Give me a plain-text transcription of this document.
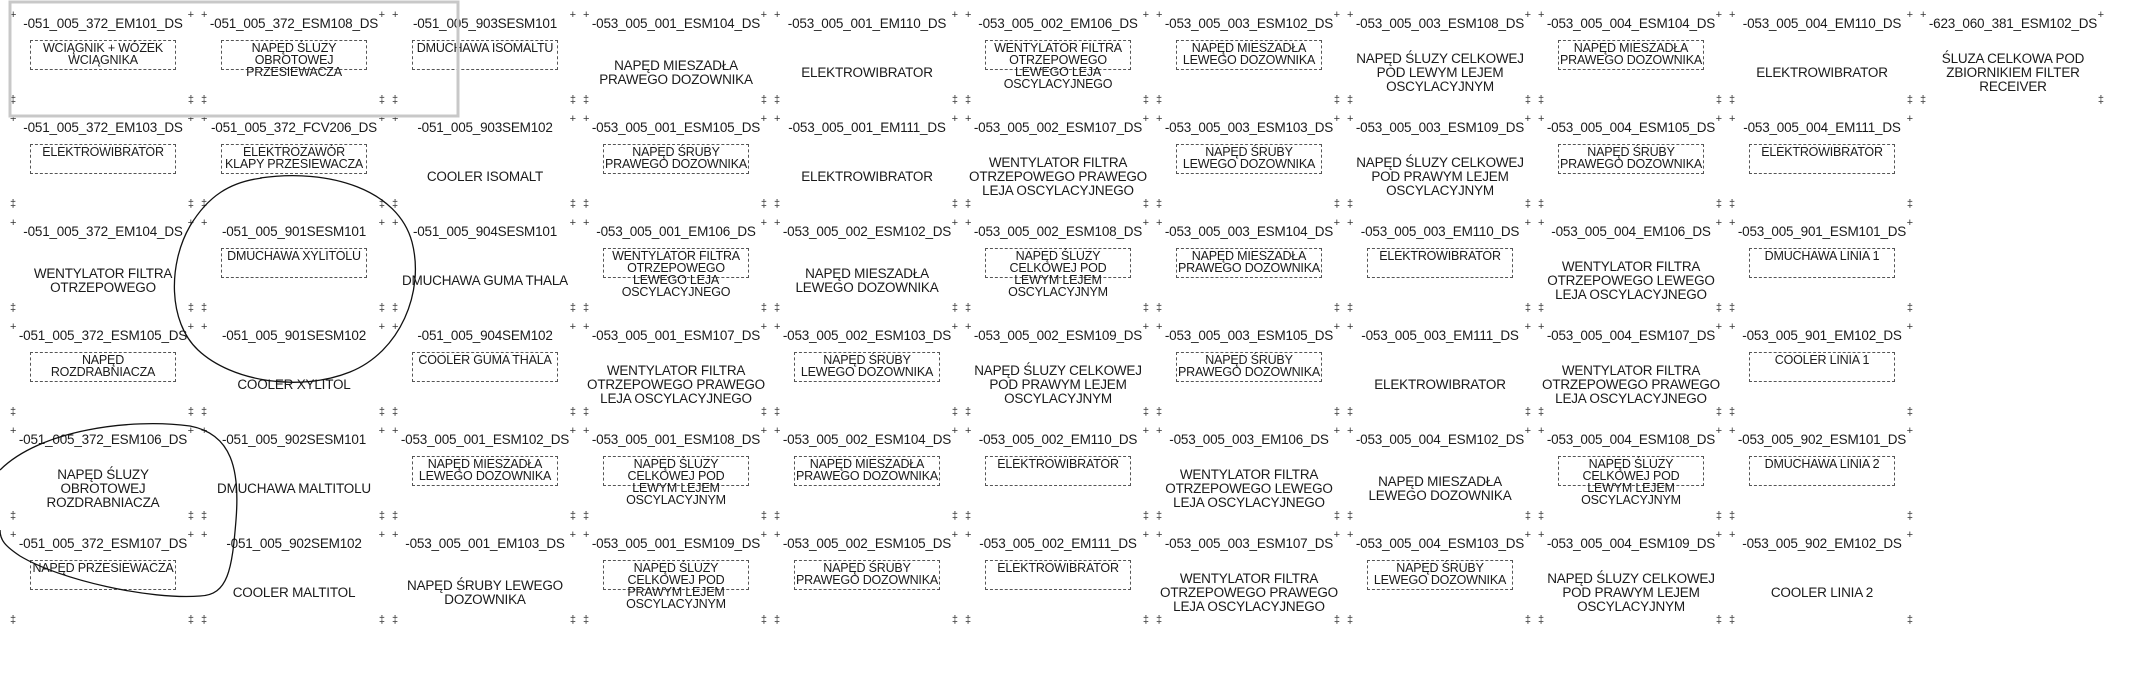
-051_005_372_EM101_DS
WCIĄGNIK + WÓZEK WCIĄGNIKA
+	+
‡	‡
-051_005_372_EM103_DS
ELEKTROWIBRATOR
+	+
‡	‡
-051_005_372_EM104_DS
WENTYLATOR FILTRA OTRZEPOWEGO
+	+
‡	‡
-051_005_372_ESM105_DS
NAPĘD ROZDRABNIACZA
+	+
‡	‡
-051_005_372_ESM106_DS
NAPĘD ŚLUZY OBROTOWEJ ROZDRABNIACZA
+	+
‡	‡
-051_005_372_ESM107_DS
NAPĘD PRZESIEWACZA
+	+
‡	‡
-051_005_372_ESM108_DS
NAPĘD ŚLUZY OBROTOWEJ PRZESIEWACZA
+	+
‡	‡
-051_005_372_FCV206_DS
ELEKTROZAWÓR KLAPY PRZESIEWACZA
+	+
‡	‡
-051_005_901SESM101
DMUCHAWA XYLITOLU
+	+
‡	‡
-051_005_901SESM102
COOLER XYLITOL
+	+
‡	‡
-051_005_902SESM101
DMUCHAWA MALTITOLU
+	+
‡	‡
-051_005_902SEM102
COOLER MALTITOL
+	+
‡	‡
-051_005_903SESM101
DMUCHAWA ISOMALTU
+	+
‡	‡
-051_005_903SEM102
COOLER ISOMALT
+	+
‡	‡
-051_005_904SESM101
DMUCHAWA GUMA THALA
+	+
‡	‡
-051_005_904SEM102
COOLER GUMA THALA
+	+
‡	‡
-053_005_001_ESM102_DS
NAPĘD MIESZADŁA LEWEGO DOZOWNIKA
+	+
‡	‡
-053_005_001_EM103_DS
NAPĘD ŚRUBY LEWEGO DOZOWNIKA
+	+
‡	‡
-053_005_001_ESM104_DS
NAPĘD MIESZADŁA PRAWEGO DOZOWNIKA
+	+
‡	‡
-053_005_001_ESM105_DS
NAPĘD ŚRUBY PRAWEGO DOZOWNIKA
+	+
‡	‡
-053_005_001_EM106_DS
WENTYLATOR FILTRA OTRZEPOWEGO LEWEGO LEJA OSCYLACYJNEGO
+	+
‡	‡
-053_005_001_ESM107_DS
WENTYLATOR FILTRA OTRZEPOWEGO PRAWEGO LEJA OSCYLACYJNEGO
+	+
‡	‡
-053_005_001_ESM108_DS
NAPĘD ŚLUZY CELKOWEJ POD LEWYM LEJEM OSCYLACYJNYM
+	+
‡	‡
-053_005_001_ESM109_DS
NAPĘD ŚLUZY CELKOWEJ POD PRAWYM LEJEM OSCYLACYJNYM
+	+
‡	‡
-053_005_001_EM110_DS
ELEKTROWIBRATOR
+	+
‡	‡
-053_005_001_EM111_DS
ELEKTROWIBRATOR
+	+
‡	‡
-053_005_002_ESM102_DS
NAPĘD MIESZADŁA LEWEGO DOZOWNIKA
+	+
‡	‡
-053_005_002_ESM103_DS
NAPĘD ŚRUBY LEWEGO DOZOWNIKA
+	+
‡	‡
-053_005_002_ESM104_DS
NAPĘD MIESZADŁA PRAWEGO DOZOWNIKA
+	+
‡	‡
-053_005_002_ESM105_DS
NAPĘD ŚRUBY PRAWEGO DOZOWNIKA
+	+
‡	‡
-053_005_002_EM106_DS
WENTYLATOR FILTRA OTRZEPOWEGO LEWEGO LEJA OSCYLACYJNEGO
+	+
‡	‡
-053_005_002_ESM107_DS
WENTYLATOR FILTRA OTRZEPOWEGO PRAWEGO LEJA OSCYLACYJNEGO
+	+
‡	‡
-053_005_002_ESM108_DS
NAPĘD ŚLUZY CELKOWEJ POD LEWYM LEJEM OSCYLACYJNYM
+	+
‡	‡
-053_005_002_ESM109_DS
NAPĘD ŚLUZY CELKOWEJ POD PRAWYM LEJEM OSCYLACYJNYM
+	+
‡	‡
-053_005_002_EM110_DS
ELEKTROWIBRATOR
+	+
‡	‡
-053_005_002_EM111_DS
ELEKTROWIBRATOR
+	+
‡	‡
-053_005_003_ESM102_DS
NAPĘD MIESZADŁA LEWEGO DOZOWNIKA
+	+
‡	‡
-053_005_003_ESM103_DS
NAPĘD ŚRUBY LEWEGO DOZOWNIKA
+	+
‡	‡
-053_005_003_ESM104_DS
NAPĘD MIESZADŁA PRAWEGO DOZOWNIKA
+	+
‡	‡
-053_005_003_ESM105_DS
NAPĘD ŚRUBY PRAWEGO DOZOWNIKA
+	+
‡	‡
-053_005_003_EM106_DS
WENTYLATOR FILTRA OTRZEPOWEGO LEWEGO LEJA OSCYLACYJNEGO
+	+
‡	‡
-053_005_003_ESM107_DS
WENTYLATOR FILTRA OTRZEPOWEGO PRAWEGO LEJA OSCYLACYJNEGO
+	+
‡	‡
-053_005_003_ESM108_DS
NAPĘD ŚLUZY CELKOWEJ POD LEWYM LEJEM OSCYLACYJNYM
+	+
‡	‡
-053_005_003_ESM109_DS
NAPĘD ŚLUZY CELKOWEJ POD PRAWYM LEJEM OSCYLACYJNYM
+	+
‡	‡
-053_005_003_EM110_DS
ELEKTROWIBRATOR
+	+
‡	‡
-053_005_003_EM111_DS
ELEKTROWIBRATOR
+	+
‡	‡
-053_005_004_ESM102_DS
NAPĘD MIESZADŁA LEWEGO DOZOWNIKA
+	+
‡	‡
-053_005_004_ESM103_DS
NAPĘD ŚRUBY LEWEGO DOZOWNIKA
+	+
‡	‡
-053_005_004_ESM104_DS
NAPĘD MIESZADŁA PRAWEGO DOZOWNIKA
+	+
‡	‡
-053_005_004_ESM105_DS
NAPĘD ŚRUBY PRAWEGO DOZOWNIKA
+	+
‡	‡
-053_005_004_EM106_DS
WENTYLATOR FILTRA OTRZEPOWEGO LEWEGO LEJA OSCYLACYJNEGO
+	+
‡	‡
-053_005_004_ESM107_DS
WENTYLATOR FILTRA OTRZEPOWEGO PRAWEGO LEJA OSCYLACYJNEGO
+	+
‡	‡
-053_005_004_ESM108_DS
NAPĘD ŚLUZY CELKOWEJ POD LEWYM LEJEM OSCYLACYJNYM
+	+
‡	‡
-053_005_004_ESM109_DS
NAPĘD ŚLUZY CELKOWEJ POD PRAWYM LEJEM OSCYLACYJNYM
+	+
‡	‡
-053_005_004_EM110_DS
ELEKTROWIBRATOR
+	+
‡	‡
-053_005_004_EM111_DS
ELEKTROWIBRATOR
+	+
‡	‡
-053_005_901_ESM101_DS
DMUCHAWA LINIA 1
+	+
‡	‡
-053_005_901_EM102_DS
COOLER LINIA 1
+	+
‡	‡
-053_005_902_ESM101_DS
DMUCHAWA LINIA 2
+	+
‡	‡
-053_005_902_EM102_DS
COOLER LINIA 2
+	+
‡	‡
-623_060_381_ESM102_DS
ŚLUZA CELKOWA POD ZBIORNIKIEM FILTER RECEIVER
+	+
‡	‡
